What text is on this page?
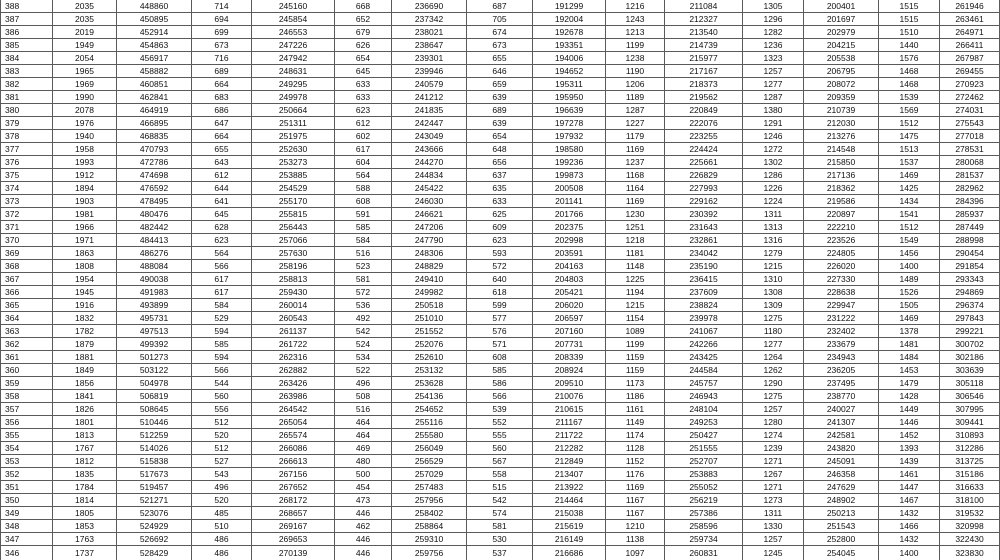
388	2035	448860	714	245160	668	236690	687	191299	1216	211084	1305	200401	1515	261946
387	2035	450895	694	245854	652	237342	705	192004	1243	212327	1296	201697	1515	263461
386	2019	452914	699	246553	679	238021	674	192678	1213	213540	1282	202979	1510	264971
385	1949	454863	673	247226	626	238647	673	193351	1199	214739	1236	204215	1440	266411
384	2054	456917	716	247942	654	239301	655	194006	1238	215977	1323	205538	1576	267987
383	1965	458882	689	248631	645	239946	646	194652	1190	217167	1257	206795	1468	269455
382	1969	460851	664	249295	633	240579	659	195311	1206	218373	1277	208072	1468	270923
381	1990	462841	683	249978	633	241212	639	195950	1189	219562	1287	209359	1539	272462
380	2078	464919	686	250664	623	241835	689	196639	1287	220849	1380	210739	1569	274031
379	1976	466895	647	251311	612	242447	639	197278	1227	222076	1291	212030	1512	275543
378	1940	468835	664	251975	602	243049	654	197932	1179	223255	1246	213276	1475	277018
377	1958	470793	655	252630	617	243666	648	198580	1169	224424	1272	214548	1513	278531
376	1993	472786	643	253273	604	244270	656	199236	1237	225661	1302	215850	1537	280068
375	1912	474698	612	253885	564	244834	637	199873	1168	226829	1286	217136	1469	281537
374	1894	476592	644	254529	588	245422	635	200508	1164	227993	1226	218362	1425	282962
373	1903	478495	641	255170	608	246030	633	201141	1169	229162	1224	219586	1434	284396
372	1981	480476	645	255815	591	246621	625	201766	1230	230392	1311	220897	1541	285937
371	1966	482442	628	256443	585	247206	609	202375	1251	231643	1313	222210	1512	287449
370	1971	484413	623	257066	584	247790	623	202998	1218	232861	1316	223526	1549	288998
369	1863	486276	564	257630	516	248306	593	203591	1181	234042	1279	224805	1456	290454
368	1808	488084	566	258196	523	248829	572	204163	1148	235190	1215	226020	1400	291854
367	1954	490038	617	258813	581	249410	640	204803	1225	236415	1310	227330	1489	293343
366	1945	491983	617	259430	572	249982	618	205421	1194	237609	1308	228638	1526	294869
365	1916	493899	584	260014	536	250518	599	206020	1215	238824	1309	229947	1505	296374
364	1832	495731	529	260543	492	251010	577	206597	1154	239978	1275	231222	1469	297843
363	1782	497513	594	261137	542	251552	576	207160	1089	241067	1180	232402	1378	299221
362	1879	499392	585	261722	524	252076	571	207731	1199	242266	1277	233679	1481	300702
361	1881	501273	594	262316	534	252610	608	208339	1159	243425	1264	234943	1484	302186
360	1849	503122	566	262882	522	253132	585	208924	1159	244584	1262	236205	1453	303639
359	1856	504978	544	263426	496	253628	586	209510	1173	245757	1290	237495	1479	305118
358	1841	506819	560	263986	508	254136	566	210076	1186	246943	1275	238770	1428	306546
357	1826	508645	556	264542	516	254652	539	210615	1161	248104	1257	240027	1449	307995
356	1801	510446	512	265054	464	255116	552	211167	1149	249253	1280	241307	1446	309441
355	1813	512259	520	265574	464	255580	555	211722	1174	250427	1274	242581	1452	310893
354	1767	514026	512	266086	469	256049	560	212282	1128	251555	1239	243820	1393	312286
353	1812	515838	527	266613	480	256529	567	212849	1152	252707	1271	245091	1439	313725
352	1835	517673	543	267156	500	257029	558	213407	1176	253883	1267	246358	1461	315186
351	1784	519457	496	267652	454	257483	515	213922	1169	255052	1271	247629	1447	316633
350	1814	521271	520	268172	473	257956	542	214464	1167	256219	1273	248902	1467	318100
349	1805	523076	485	268657	446	258402	574	215038	1167	257386	1311	250213	1432	319532
348	1853	524929	510	269167	462	258864	581	215619	1210	258596	1330	251543	1466	320998
347	1763	526692	486	269653	446	259310	530	216149	1138	259734	1257	252800	1432	322430
346	1737	528429	486	270139	446	259756	537	216686	1097	260831	1245	254045	1400	323830
